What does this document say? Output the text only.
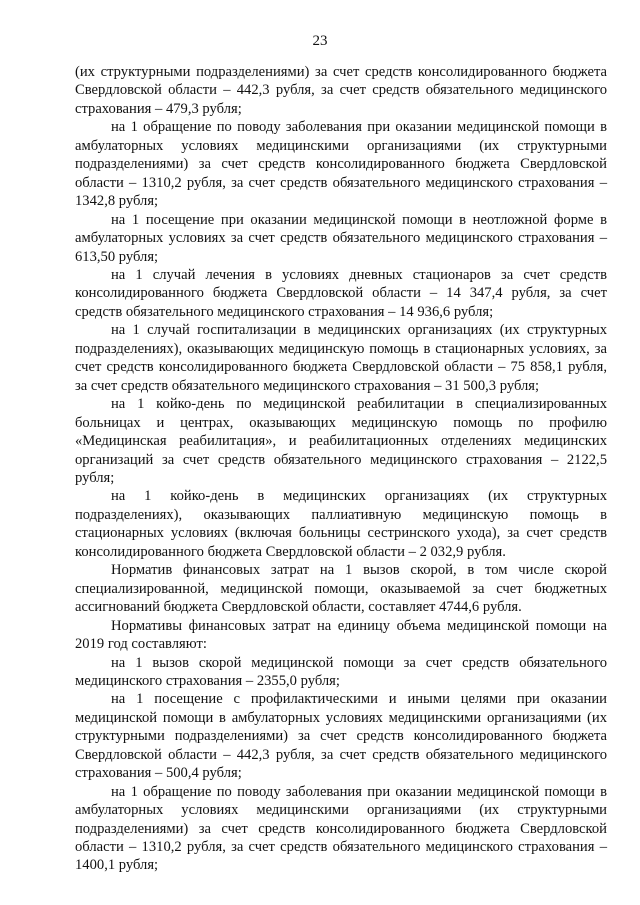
23

(их структурными подразделениями) за счет средств консолидированного бюджета Свердловской области – 442,3 рубля, за счет средств обязательного медицинского страхования – 479,3 рубля;

на 1 обращение по поводу заболевания при оказании медицинской помощи в амбулаторных условиях медицинскими организациями (их структурными подразделениями) за счет средств консолидированного бюджета Свердловской области – 1310,2 рубля, за счет средств обязательного медицинского страхования – 1342,8 рубля;

на 1 посещение при оказании медицинской помощи в неотложной форме в амбулаторных условиях за счет средств обязательного медицинского страхования – 613,50 рубля;

на 1 случай лечения в условиях дневных стационаров за счет средств консолидированного бюджета Свердловской области – 14 347,4 рубля, за счет средств обязательного медицинского страхования – 14 936,6 рубля;

на 1 случай госпитализации в медицинских организациях (их структурных подразделениях), оказывающих медицинскую помощь в стационарных условиях, за счет средств консолидированного бюджета Свердловской области – 75 858,1 рубля, за счет средств обязательного медицинского страхования – 31 500,3 рубля;

на 1 койко-день по медицинской реабилитации в специализированных больницах и центрах, оказывающих медицинскую помощь по профилю «Медицинская реабилитация», и реабилитационных отделениях медицинских организаций за счет средств обязательного медицинского страхования – 2122,5 рубля;

на 1 койко-день в медицинских организациях (их структурных подразделениях), оказывающих паллиативную медицинскую помощь в стационарных условиях (включая больницы сестринского ухода), за счет средств консолидированного бюджета Свердловской области – 2 032,9 рубля.

Норматив финансовых затрат на 1 вызов скорой, в том числе скорой специализированной, медицинской помощи, оказываемой за счет бюджетных ассигнований бюджета Свердловской области, составляет 4744,6 рубля.

Нормативы финансовых затрат на единицу объема медицинской помощи на 2019 год составляют:

на 1 вызов скорой медицинской помощи за счет средств обязательного медицинского страхования – 2355,0 рубля;

на 1 посещение с профилактическими и иными целями при оказании медицинской помощи в амбулаторных условиях медицинскими организациями (их структурными подразделениями) за счет средств консолидированного бюджета Свердловской области – 442,3 рубля, за счет средств обязательного медицинского страхования – 500,4 рубля;

на 1 обращение по поводу заболевания при оказании медицинской помощи в амбулаторных условиях медицинскими организациями (их структурными подразделениями) за счет средств консолидированного бюджета Свердловской области – 1310,2 рубля, за счет средств обязательного медицинского страхования – 1400,1 рубля;
